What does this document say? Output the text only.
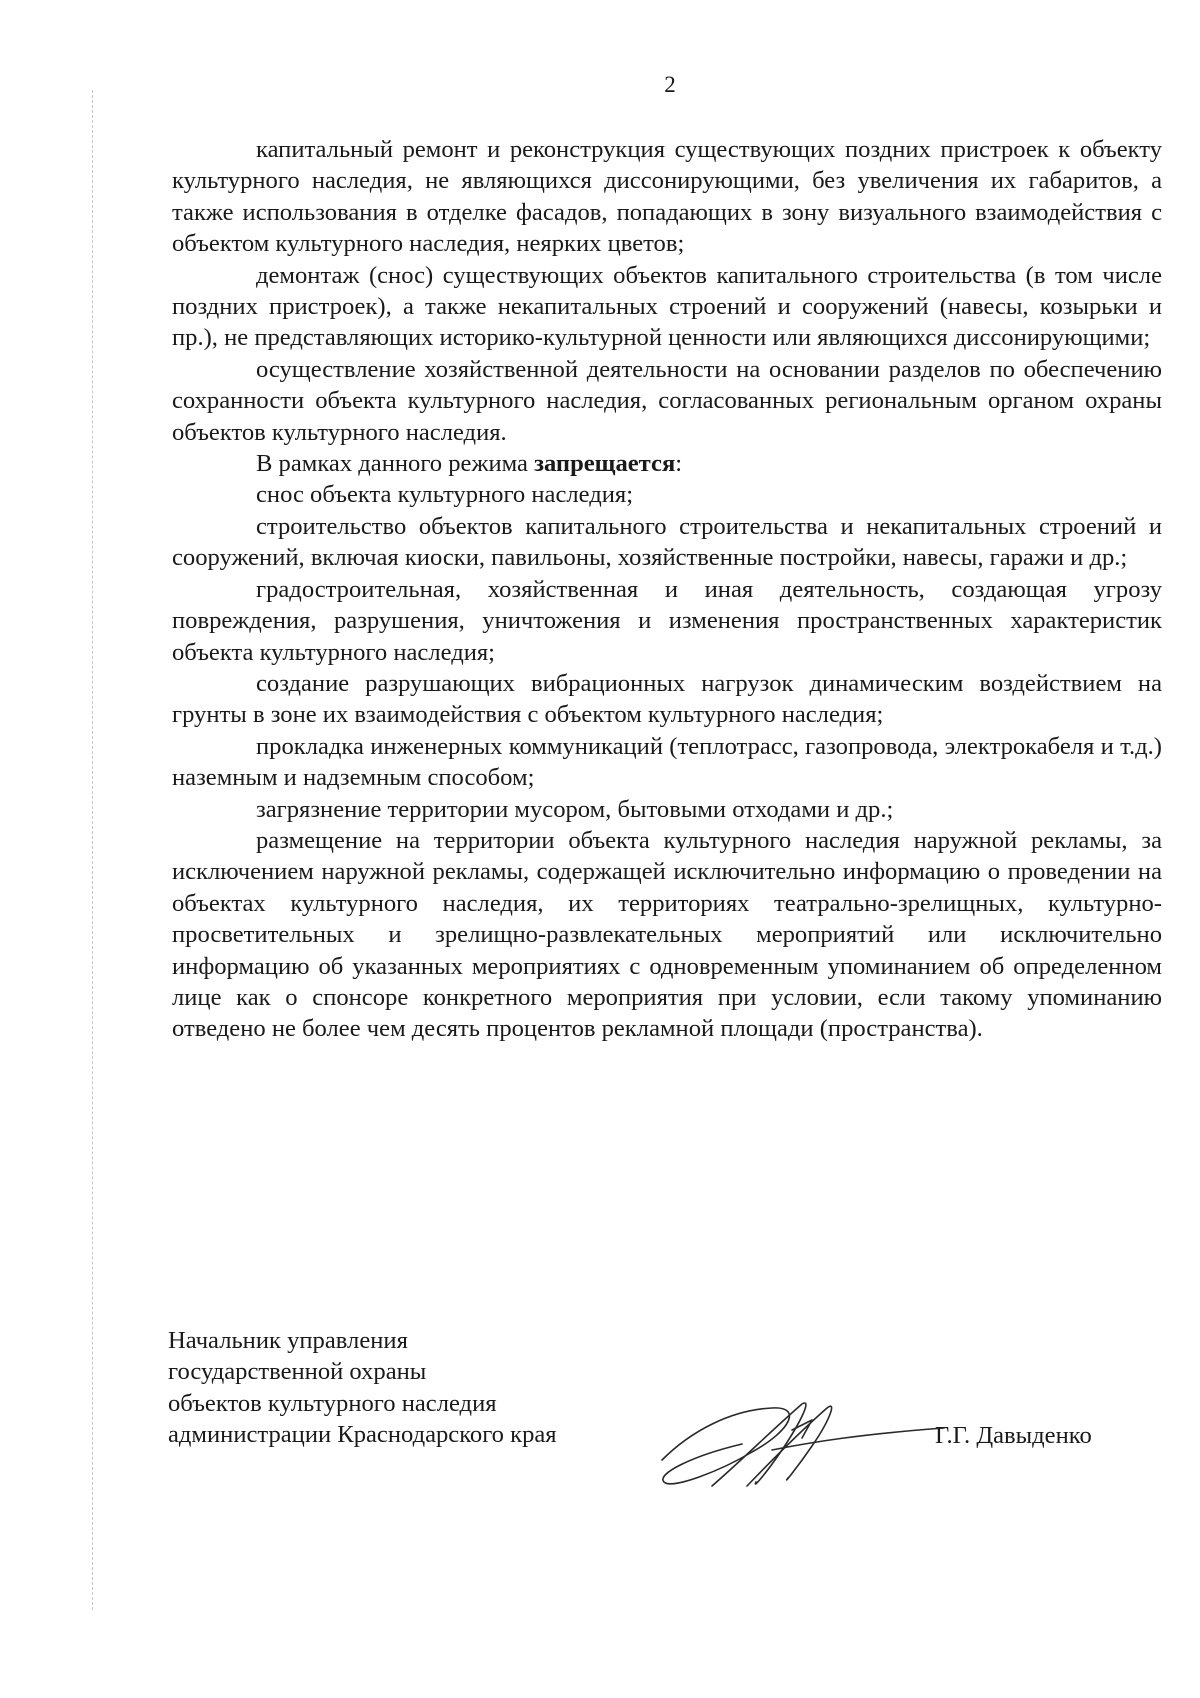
2

капитальный ремонт и реконструкция существующих поздних пристроек к объекту культурного наследия, не являющихся диссонирующими, без увеличения их габаритов, а также использования в отделке фасадов, попадающих в зону визуального взаимодействия с объектом культурного наследия, неярких цветов;

демонтаж (снос) существующих объектов капитального строительства (в том числе поздних пристроек), а также некапитальных строений и сооружений (навесы, козырьки и пр.), не представляющих историко-культурной ценности или являющихся диссонирующими;

осуществление хозяйственной деятельности на основании разделов по обеспечению сохранности объекта культурного наследия, согласованных региональным органом охраны объектов культурного наследия.

В рамках данного режима запрещается:

снос объекта культурного наследия;

строительство объектов капитального строительства и некапитальных строений и сооружений, включая киоски, павильоны, хозяйственные постройки, навесы, гаражи и др.;

градостроительная, хозяйственная и иная деятельность, создающая угрозу повреждения, разрушения, уничтожения и изменения пространственных характеристик объекта культурного наследия;

создание разрушающих вибрационных нагрузок динамическим воздействием на грунты в зоне их взаимодействия с объектом культурного наследия;

прокладка инженерных коммуникаций (теплотрасс, газопровода, электрокабеля и т.д.) наземным и надземным способом;

загрязнение территории мусором, бытовыми отходами и др.;

размещение на территории объекта культурного наследия наружной рекламы, за исключением наружной рекламы, содержащей исключительно информацию о проведении на объектах культурного наследия, их территориях театрально-зрелищных, культурно-просветительных и зрелищно-развлекательных мероприятий или исключительно информацию об указанных мероприятиях с одновременным упоминанием об определенном лице как о спонсоре конкретного мероприятия при условии, если такому упоминанию отведено не более чем десять процентов рекламной площади (пространства).

Начальник управления
государственной охраны
объектов культурного наследия
администрации Краснодарского края	Г.Г. Давыденко
